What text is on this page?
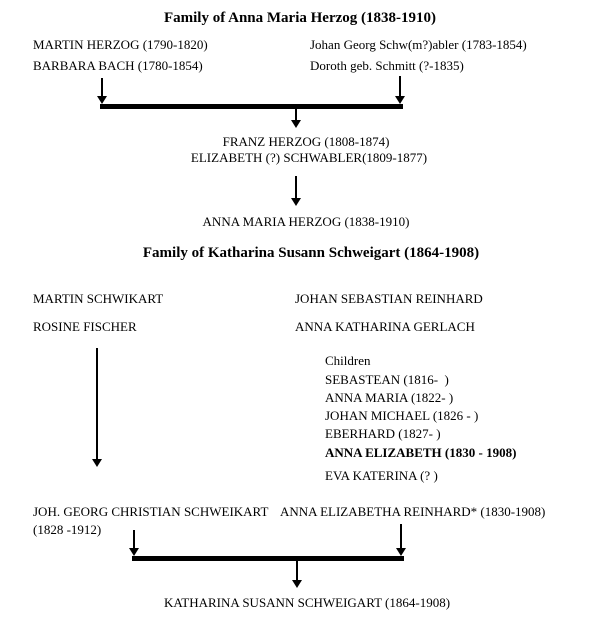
Family of Anna Maria Herzog (1838-1910)
MARTIN HERZOG (1790-1820)
BARBARA BACH (1780-1854)
Johan Georg Schw(m?)abler (1783-1854)
Doroth geb. Schmitt (?-1835)
FRANZ HERZOG (1808-1874)
ELIZABETH (?) SCHWABLER(1809-1877)
ANNA MARIA HERZOG (1838-1910)
Family of Katharina Susann Schweigart (1864-1908)
MARTIN SCHWIKART
ROSINE FISCHER
JOHAN SEBASTIAN REINHARD
ANNA KATHARINA GERLACH
Children
SEBASTEAN (1816-  )
ANNA MARIA (1822- )
JOHAN MICHAEL (1826 - )
EBERHARD (1827- )
ANNA ELIZABETH (1830 - 1908)
EVA KATERINA (? )
JOH. GEORG CHRISTIAN SCHWEIKART
(1828 -1912)
ANNA ELIZABETHA REINHARD* (1830-1908)
KATHARINA SUSANN SCHWEIGART (1864-1908)
